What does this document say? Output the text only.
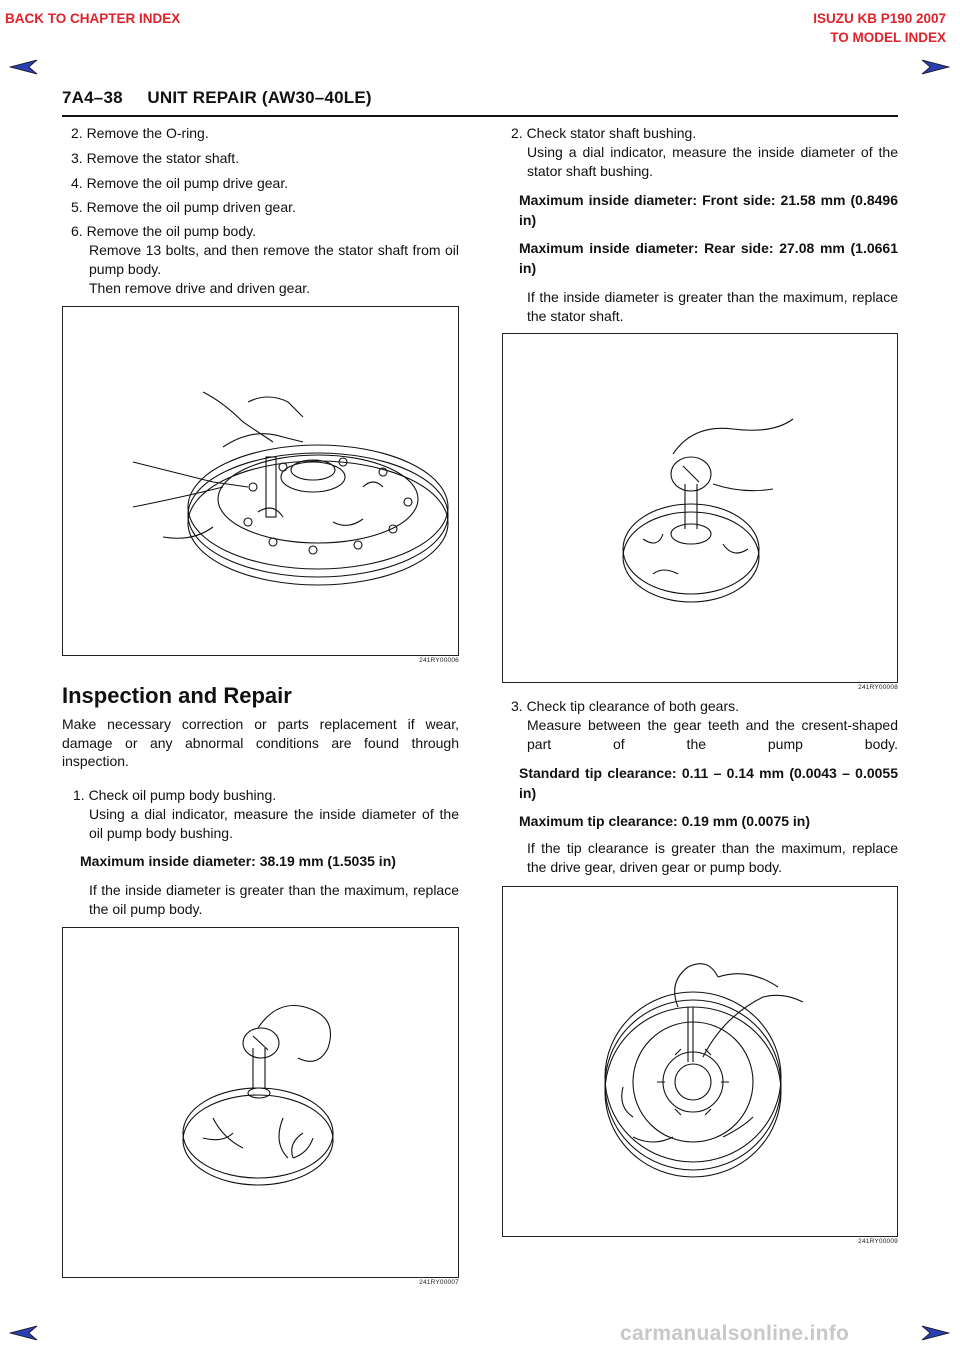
BACK TO CHAPTER INDEX	ISUZU KB P190 2007
TO MODEL INDEX
7A4–38     UNIT REPAIR (AW30–40LE)
2. Remove the O-ring.
3. Remove the stator shaft.
4. Remove the oil pump drive gear.
5. Remove the oil pump driven gear.
6. Remove the oil pump body.
Remove 13 bolts, and then remove the stator shaft from oil pump body.
Then remove drive and driven gear.
241RY00006
Inspection and Repair
Make necessary correction or parts replacement if wear, damage or any abnormal conditions are found through inspection.
1. Check oil pump body bushing.
Using a dial indicator, measure the inside diameter of the oil pump body bushing.
Maximum inside diameter: 38.19 mm (1.5035 in)
If the inside diameter is greater than the maximum, replace the oil pump body.
241RY00007
2. Check stator shaft bushing.
Using a dial indicator, measure the inside diameter of the stator shaft bushing.
Maximum inside diameter: Front side: 21.58 mm (0.8496 in)
Maximum inside diameter: Rear side: 27.08 mm (1.0661 in)
If the inside diameter is greater than the maximum, replace the stator shaft.
241RY00008
3. Check tip clearance of both gears.
Measure between the gear teeth and the cresent-shaped part of the pump body.
Standard tip clearance: 0.11 – 0.14 mm (0.0043 – 0.0055 in)
Maximum tip clearance: 0.19 mm (0.0075 in)
If the tip clearance is greater than the maximum, replace the drive gear, driven gear or pump body.
241RY00009
carmanualsonline.info
